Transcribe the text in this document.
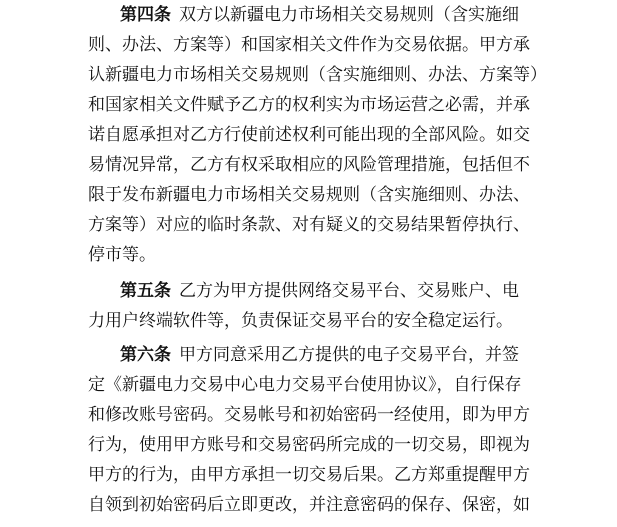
第四条 双方以新疆电力市场相关交易规则（含实施细
则、办法、方案等）和国家相关文件作为交易依据。甲方承
认新疆电力市场相关交易规则（含实施细则、办法、方案等）
和国家相关文件赋予乙方的权利实为市场运营之必需，并承
诺自愿承担对乙方行使前述权利可能出现的全部风险。如交
易情况异常，乙方有权采取相应的风险管理措施，包括但不
限于发布新疆电力市场相关交易规则（含实施细则、办法、
方案等）对应的临时条款、对有疑义的交易结果暂停执行、
停市等。
第五条 乙方为甲方提供网络交易平台、交易账户、电
力用户终端软件等，负责保证交易平台的安全稳定运行。
第六条 甲方同意采用乙方提供的电子交易平台，并签
定《新疆电力交易中心电力交易平台使用协议》，自行保存
和修改账号密码。交易帐号和初始密码一经使用，即为甲方
行为，使用甲方账号和交易密码所完成的一切交易，即视为
甲方的行为，由甲方承担一切交易后果。乙方郑重提醒甲方
自领到初始密码后立即更改，并注意密码的保存、保密，如
